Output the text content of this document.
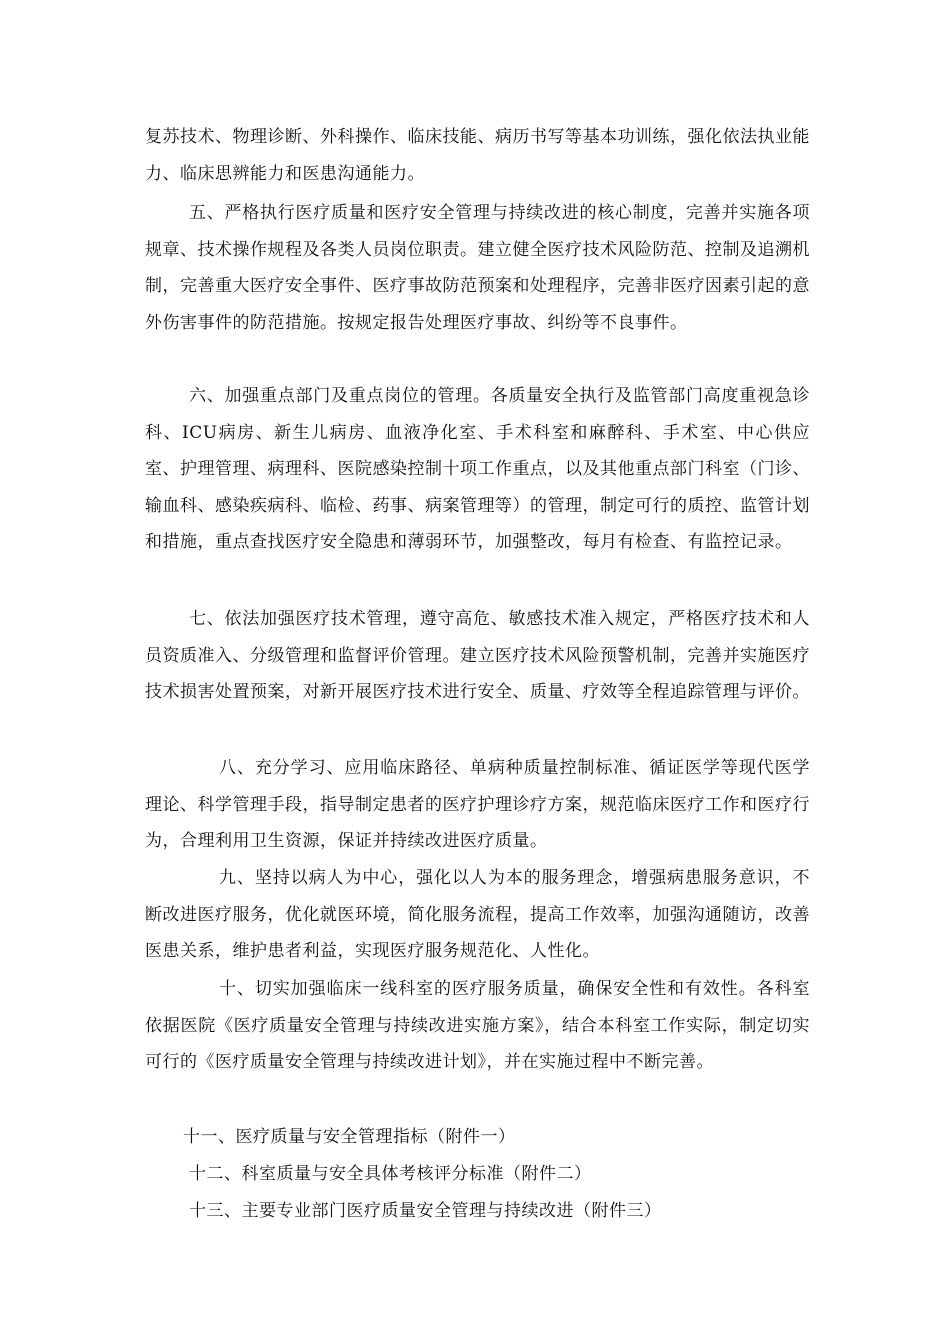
复苏技术、物理诊断、外科操作、临床技能、病历书写等基本功训练，强化依法执业能力、临床思辨能力和医患沟通能力。

五、严格执行医疗质量和医疗安全管理与持续改进的核心制度，完善并实施各项规章、技术操作规程及各类人员岗位职责。建立健全医疗技术风险防范、控制及追溯机制，完善重大医疗安全事件、医疗事故防范预案和处理程序，完善非医疗因素引起的意外伤害事件的防范措施。按规定报告处理医疗事故、纠纷等不良事件。

六、加强重点部门及重点岗位的管理。各质量安全执行及监管部门高度重视急诊科、ICU病房、新生儿病房、血液净化室、手术科室和麻醉科、手术室、中心供应室、护理管理、病理科、医院感染控制十项工作重点，以及其他重点部门科室（门诊、输血科、感染疾病科、临检、药事、病案管理等）的管理，制定可行的质控、监管计划和措施，重点查找医疗安全隐患和薄弱环节，加强整改，每月有检查、有监控记录。

七、依法加强医疗技术管理，遵守高危、敏感技术准入规定，严格医疗技术和人员资质准入、分级管理和监督评价管理。建立医疗技术风险预警机制，完善并实施医疗技术损害处置预案，对新开展医疗技术进行安全、质量、疗效等全程追踪管理与评价。

八、充分学习、应用临床路径、单病种质量控制标准、循证医学等现代医学理论、科学管理手段，指导制定患者的医疗护理诊疗方案，规范临床医疗工作和医疗行为，合理利用卫生资源，保证并持续改进医疗质量。

九、坚持以病人为中心，强化以人为本的服务理念，增强病患服务意识，不断改进医疗服务，优化就医环境，简化服务流程，提高工作效率，加强沟通随访，改善医患关系，维护患者利益，实现医疗服务规范化、人性化。

十、切实加强临床一线科室的医疗服务质量，确保安全性和有效性。各科室依据医院《医疗质量安全管理与持续改进实施方案》，结合本科室工作实际，制定切实可行的《医疗质量安全管理与持续改进计划》，并在实施过程中不断完善。

十一、医疗质量与安全管理指标（附件一）

十二、科室质量与安全具体考核评分标准（附件二）

十三、主要专业部门医疗质量安全管理与持续改进（附件三）
